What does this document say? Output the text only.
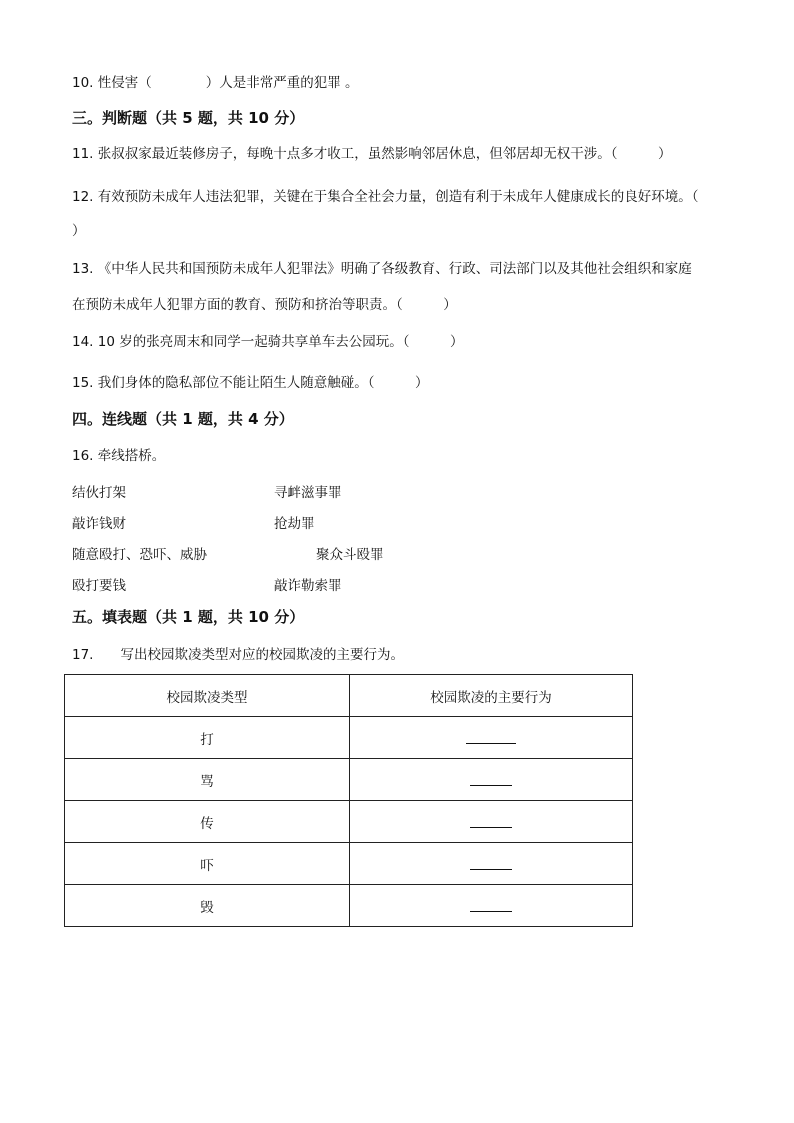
10. 性侵害（　　　　）人是非常严重的犯罪 。

三。判断题（共 5 题，共 10 分）

11. 张叔叔家最近装修房子，每晚十点多才收工，虽然影响邻居休息，但邻居却无权干涉。（　　　）

12. 有效预防未成年人违法犯罪，关键在于集合全社会力量，创造有利于未成年人健康成长的良好环境。（

）

13. 《中华人民共和国预防未成年人犯罪法》明确了各级教育、行政、司法部门以及其他社会组织和家庭

在预防未成年人犯罪方面的教育、预防和挤治等职责。（　　　）

14. 10 岁的张亮周末和同学一起骑共享单车去公园玩。（　　　）

15. 我们身体的隐私部位不能让陌生人随意触碰。（　　　）

四。连线题（共 1 题，共 4 分）

16. 牵线搭桥。

结伙打架	寻衅滋事罪
敲诈钱财	抢劫罪
随意殴打、恐吓、威胁	聚众斗殴罪
殴打要钱	敲诈勒索罪

五。填表题（共 1 题，共 10 分）

17.　　写出校园欺凌类型对应的校园欺凌的主要行为。

校园欺凌类型	校园欺凌的主要行为
打	
骂	
传	
吓	
毁	
